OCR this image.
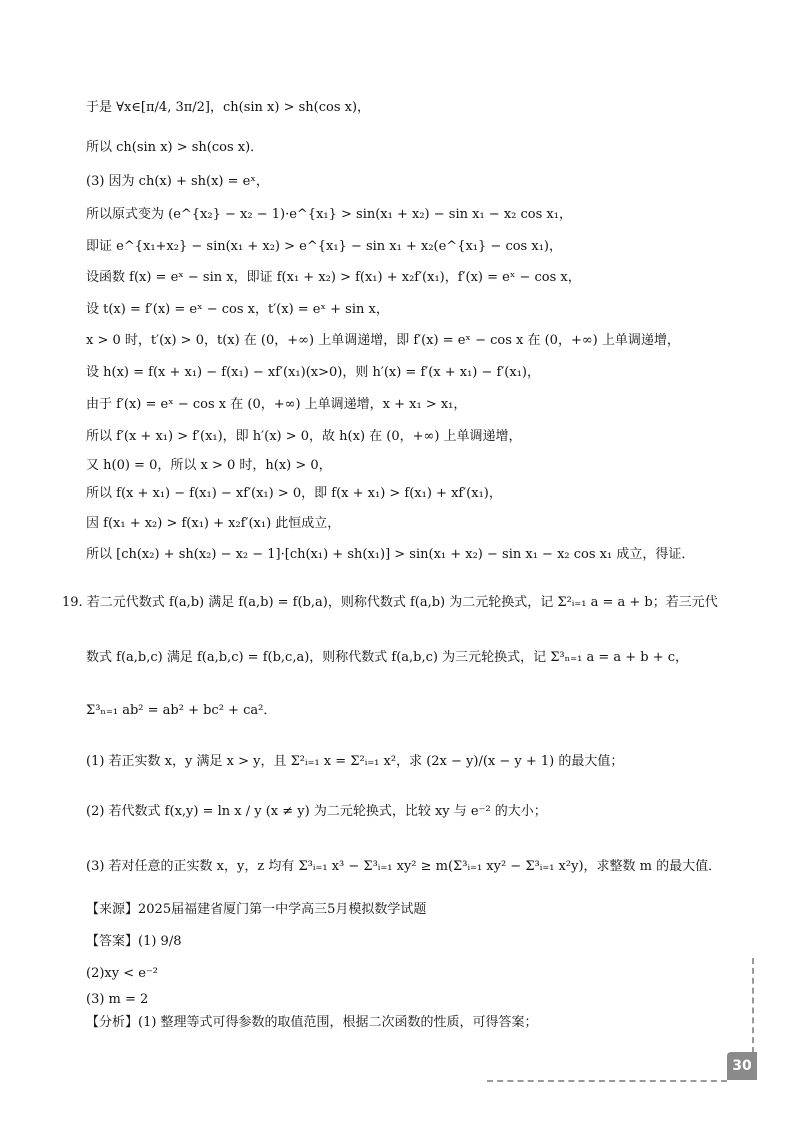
于是 ∀x∈[π/4, 3π/2]，ch(sin x) > sh(cos x)，
所以 ch(sin x) > sh(cos x)．
(3) 因为 ch(x) + sh(x) = eˣ，
所以原式变为 (e^{x₂} − x₂ − 1)·e^{x₁} > sin(x₁ + x₂) − sin x₁ − x₂ cos x₁，
即证 e^{x₁+x₂} − sin(x₁ + x₂) > e^{x₁} − sin x₁ + x₂(e^{x₁} − cos x₁)，
设函数 f(x) = eˣ − sin x，即证 f(x₁ + x₂) > f(x₁) + x₂f′(x₁)，f′(x) = eˣ − cos x，
设 t(x) = f′(x) = eˣ − cos x，t′(x) = eˣ + sin x，
x > 0 时，t′(x) > 0，t(x) 在 (0，+∞) 上单调递增，即 f′(x) = eˣ − cos x 在 (0，+∞) 上单调递增，
设 h(x) = f(x + x₁) − f(x₁) − xf′(x₁)(x>0)，则 h′(x) = f′(x + x₁) − f′(x₁)，
由于 f′(x) = eˣ − cos x 在 (0，+∞) 上单调递增，x + x₁ > x₁，
所以 f′(x + x₁) > f′(x₁)，即 h′(x) > 0，故 h(x) 在 (0，+∞) 上单调递增，
又 h(0) = 0，所以 x > 0 时，h(x) > 0，
所以 f(x + x₁) − f(x₁) − xf′(x₁) > 0，即 f(x + x₁) > f(x₁) + xf′(x₁)，
因 f(x₁ + x₂) > f(x₁) + x₂f′(x₁) 此恒成立，
所以 [ch(x₂) + sh(x₂) − x₂ − 1]·[ch(x₁) + sh(x₁)] > sin(x₁ + x₂) − sin x₁ − x₂ cos x₁ 成立，得证．
19. 若二元代数式 f(a,b) 满足 f(a,b) = f(b,a)，则称代数式 f(a,b) 为二元轮换式，记 Σ²ᵢ₌₁ a = a + b；若三元代
数式 f(a,b,c) 满足 f(a,b,c) = f(b,c,a)，则称代数式 f(a,b,c) 为三元轮换式，记 Σ³ₙ₌₁ a = a + b + c，
Σ³ₙ₌₁ ab² = ab² + bc² + ca²．
(1) 若正实数 x，y 满足 x > y，且 Σ²ᵢ₌₁ x = Σ²ᵢ₌₁ x²，求 (2x − y)/(x − y + 1) 的最大值；
(2) 若代数式 f(x,y) = ln x / y (x ≠ y) 为二元轮换式，比较 xy 与 e⁻² 的大小；
(3) 若对任意的正实数 x，y，z 均有 Σ³ᵢ₌₁ x³ − Σ³ᵢ₌₁ xy² ≥ m(Σ³ᵢ₌₁ xy² − Σ³ᵢ₌₁ x²y)，求整数 m 的最大值．
【来源】2025届福建省厦门第一中学高三5月模拟数学试题
【答案】(1) 9/8
(2)xy < e⁻²
(3) m = 2
【分析】(1) 整理等式可得参数的取值范围，根据二次函数的性质，可得答案；
30
